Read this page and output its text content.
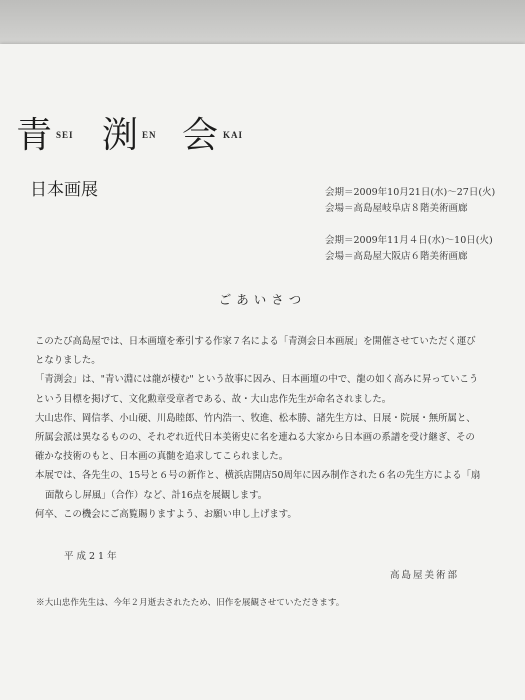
青 SEI 渕 EN 会 KAI
日本画展	会期＝2009年10月21日(水)〜27日(火)
会場＝高島屋岐阜店８階美術画廊
会期＝2009年11月４日(水)〜10日(火)
会場＝高島屋大阪店６階美術画廊
ごあいさつ

このたび高島屋では、日本画壇を牽引する作家７名による「青渕会日本画展」を開催させていただく運び

となりました。

「青渕会」は、"青い淵には龍が棲む" という故事に因み、日本画壇の中で、龍の如く高みに昇っていこう

という目標を掲げて、文化勲章受章者である、故・大山忠作先生が命名されました。

大山忠作、岡信孝、小山硬、川島睦郎、竹内浩一、牧進、松本勝、諸先生方は、日展・院展・無所属と、

所属会派は異なるものの、それぞれ近代日本美術史に名を連ねる大家から日本画の系譜を受け継ぎ、その

確かな技術のもと、日本画の真髄を追求してこられました。

本展では、各先生の、15号と６号の新作と、横浜店開店50周年に因み制作された６名の先生方による「扇

面散らし屏風」（合作）など、計16点を展観します。

何卒、この機会にご高覧賜りますよう、お願い申し上げます。

平成21年
高島屋美術部
※大山忠作先生は、今年２月逝去されたため、旧作を展観させていただきます。
